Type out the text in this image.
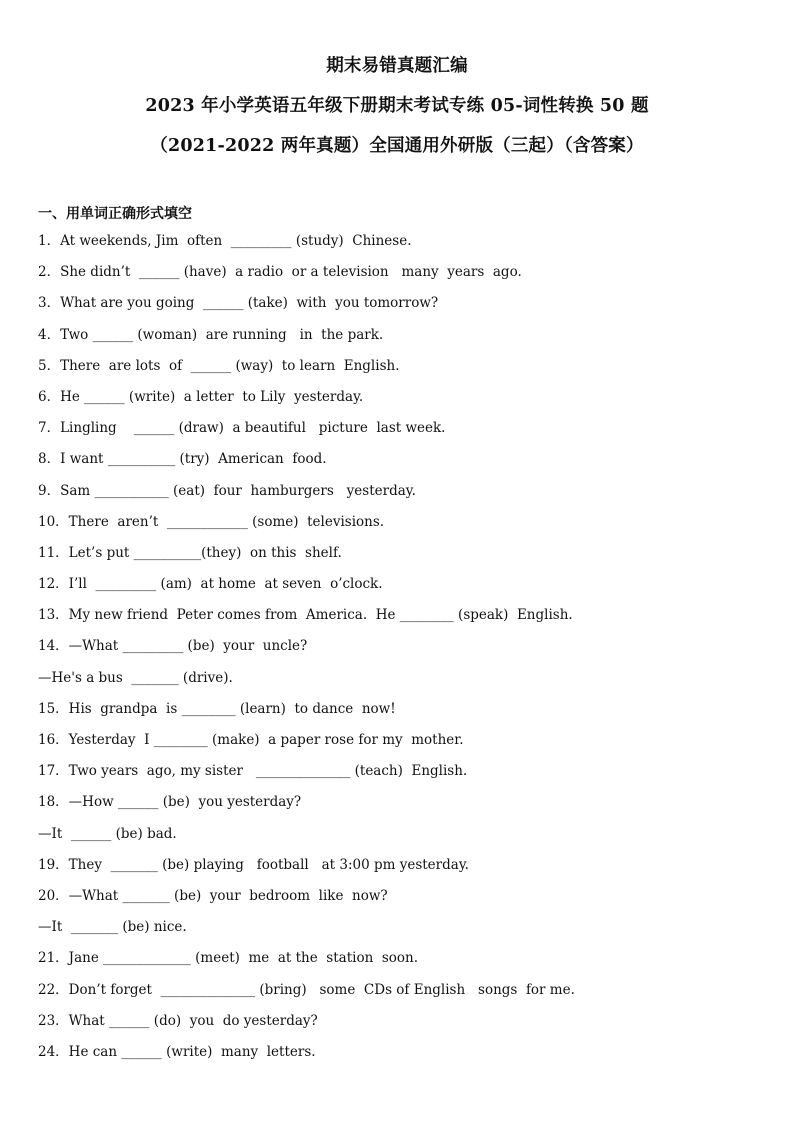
期末易错真题汇编
2023 年小学英语五年级下册期末考试专练 05-词性转换 50 题
（2021-2022 两年真题）全国通用外研版（三起）（含答案）
一、用单词正确形式填空
1．At weekends, Jim  often  _________ (study)  Chinese.
2．She didn’t  ______ (have)  a radio  or a television   many  years  ago.
3．What are you going  ______ (take)  with  you tomorrow?
4．Two ______ (woman)  are running   in  the park.
5．There  are lots  of  ______ (way)  to learn  English.
6．He ______ (write)  a letter  to Lily  yesterday.
7．Lingling    ______ (draw)  a beautiful   picture  last week.
8．I want __________ (try)  American  food.
9．Sam ___________ (eat)  four  hamburgers   yesterday.
10．There  aren’t  ____________ (some)  televisions.
11．Let’s put __________(they)  on this  shelf.
12．I’ll  _________ (am)  at home  at seven  o’clock.
13．My new friend  Peter comes from  America.  He ________ (speak)  English.
14．—What _________ (be)  your  uncle?
—He's a bus  _______ (drive).
15．His  grandpa  is ________ (learn)  to dance  now!
16．Yesterday  I ________ (make)  a paper rose for my  mother.
17．Two years  ago, my sister   ______________ (teach)  English.
18．—How ______ (be)  you yesterday?
—It  ______ (be) bad.
19．They  _______ (be) playing   football   at 3:00 pm yesterday.
20．—What _______ (be)  your  bedroom  like  now?
—It  _______ (be) nice.
21．Jane _____________ (meet)  me  at the  station  soon.
22．Don’t forget  ______________ (bring)   some  CDs of English   songs  for me.
23．What ______ (do)  you  do yesterday?
24．He can ______ (write)  many  letters.
